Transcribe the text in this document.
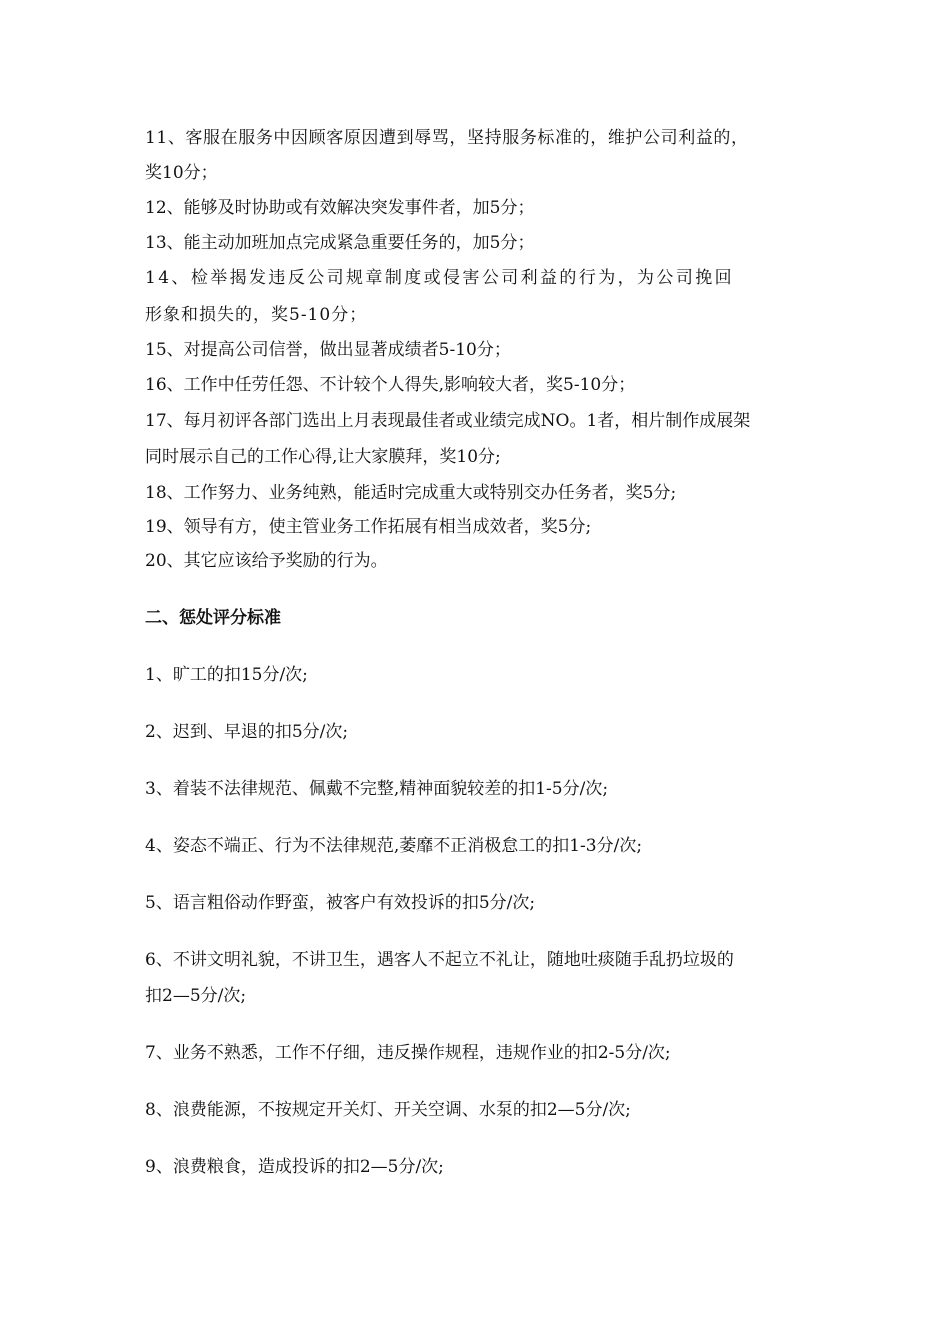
11、客服在服务中因顾客原因遭到辱骂，坚持服务标准的，维护公司利益的，
奖10分；
12、能够及时协助或有效解决突发事件者，加5分；
13、能主动加班加点完成紧急重要任务的，加5分；
14、检举揭发违反公司规章制度或侵害公司利益的行为，为公司挽回
形象和损失的，奖5-10分；
15、对提高公司信誉，做出显著成绩者5-10分；
16、工作中任劳任怨、不计较个人得失,影响较大者，奖5-10分；
17、每月初评各部门选出上月表现最佳者或业绩完成NO。1者，相片制作成展架
同时展示自己的工作心得,让大家膜拜，奖10分;
18、工作努力、业务纯熟，能适时完成重大或特别交办任务者，奖5分;
19、领导有方，使主管业务工作拓展有相当成效者，奖5分;
20、其它应该给予奖励的行为。
二、惩处评分标准
1、旷工的扣15分/次;
2、迟到、早退的扣5分/次;
3、着装不法律规范、佩戴不完整,精神面貌较差的扣1-5分/次;
4、姿态不端正、行为不法律规范,萎靡不正消极怠工的扣1-3分/次;
5、语言粗俗动作野蛮，被客户有效投诉的扣5分/次;
6、不讲文明礼貌，不讲卫生，遇客人不起立不礼让，随地吐痰随手乱扔垃圾的
扣2—5分/次;
7、业务不熟悉，工作不仔细，违反操作规程，违规作业的扣2-5分/次;
8、浪费能源，不按规定开关灯、开关空调、水泵的扣2—5分/次;
9、浪费粮食，造成投诉的扣2—5分/次;
